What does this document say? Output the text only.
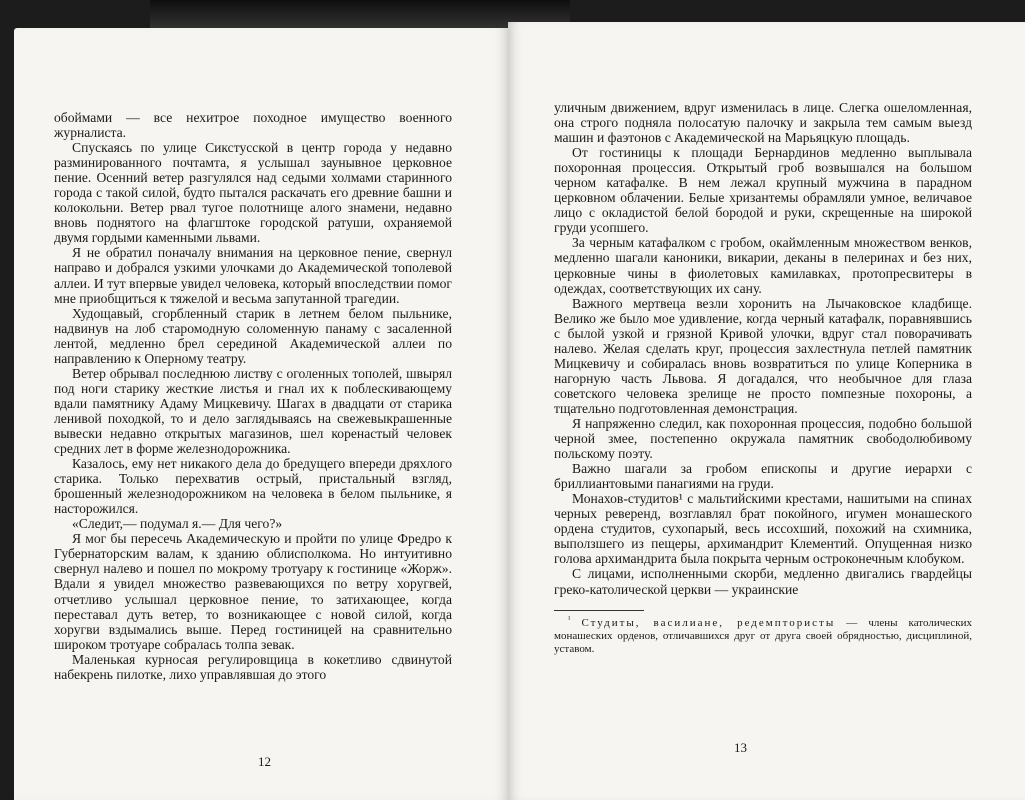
обоймами — все нехитрое походное имущество военного журналиста.

Спускаясь по улице Сикстусской в центр города у недавно разминированного почтамта, я услышал заунывное церковное пение. Осенний ветер разгулялся над седыми холмами старинного города с такой силой, будто пытался раскачать его древние башни и колокольни. Ветер рвал тугое полотнище алого знамени, недавно вновь поднятого на флагштоке городской ратуши, охраняемой двумя гордыми каменными львами.

Я не обратил поначалу внимания на церковное пение, свернул направо и добрался узкими улочками до Академической тополевой аллеи. И тут впервые увидел человека, который впоследствии помог мне приобщиться к тяжелой и весьма запутанной трагедии.

Худощавый, сгорбленный старик в летнем белом пыльнике, надвинув на лоб старомодную соломенную панаму с засаленной лентой, медленно брел серединой Академической аллеи по направлению к Оперному театру.

Ветер обрывал последнюю листву с оголенных тополей, швырял под ноги старику жесткие листья и гнал их к поблескивающему вдали памятнику Адаму Мицкевичу. Шагах в двадцати от старика ленивой походкой, то и дело заглядываясь на свежевыкрашенные вывески недавно открытых магазинов, шел коренастый человек средних лет в форме железнодорожника.

Казалось, ему нет никакого дела до бредущего впереди дряхлого старика. Только перехватив острый, пристальный взгляд, брошенный железнодорожником на человека в белом пыльнике, я насторожился.

«Следит,— подумал я.— Для чего?»

Я мог бы пересечь Академическую и пройти по улице Фредро к Губернаторским валам, к зданию облисполкома. Но интуитивно свернул налево и пошел по мокрому тротуару к гостинице «Жорж». Вдали я увидел множество развевающихся по ветру хоругвей, отчетливо услышал церковное пение, то затихающее, когда переставал дуть ветер, то возникающее с новой силой, когда хоругви вздымались выше. Перед гостиницей на сравнительно широком тротуаре собралась толпа зевак.

Маленькая курносая регулировщица в кокетливо сдвинутой набекрень пилотке, лихо управлявшая до этого

12

уличным движением, вдруг изменилась в лице. Слегка ошеломленная, она строго подняла полосатую палочку и закрыла тем самым выезд машин и фаэтонов с Академической на Марьяцкую площадь.

От гостиницы к площади Бернардинов медленно выплывала похоронная процессия. Открытый гроб возвышался на большом черном катафалке. В нем лежал крупный мужчина в парадном церковном облачении. Белые хризантемы обрамляли умное, величавое лицо с окладистой белой бородой и руки, скрещенные на широкой груди усопшего.

За черным катафалком с гробом, окаймленным множеством венков, медленно шагали каноники, викарии, деканы в пелеринах и без них, церковные чины в фиолетовых камилавках, протопресвитеры в одеждах, соответствующих их сану.

Важного мертвеца везли хоронить на Лычаковское кладбище. Велико же было мое удивление, когда черный катафалк, поравнявшись с былой узкой и грязной Кривой улочки, вдруг стал поворачивать налево. Желая сделать круг, процессия захлестнула петлей памятник Мицкевичу и собиралась вновь возвратиться по улице Коперника в нагорную часть Львова. Я догадался, что необычное для глаза советского человека зрелище не просто помпезные похороны, а тщательно подготовленная демонстрация.

Я напряженно следил, как похоронная процессия, подобно большой черной змее, постепенно окружала памятник свободолюбивому польскому поэту.

Важно шагали за гробом епископы и другие иерархи с бриллиантовыми панагиями на груди.

Монахов-студитов¹ с мальтийскими крестами, нашитыми на спинах черных реверенд, возглавлял брат покойного, игумен монашеского ордена студитов, сухопарый, весь иссохший, похожий на схимника, выползшего из пещеры, архимандрит Клементий. Опущенная низко голова архимандрита была покрыта черным остроконечным клобуком.

С лицами, исполненными скорби, медленно двигались гвардейцы греко-католической церкви — украинские

$^{^1}$ Студиты, василиане, редемптористы — члены католических монашеских орденов, отличавшихся друг от друга своей обрядностью, дисциплиной, уставом.

13
